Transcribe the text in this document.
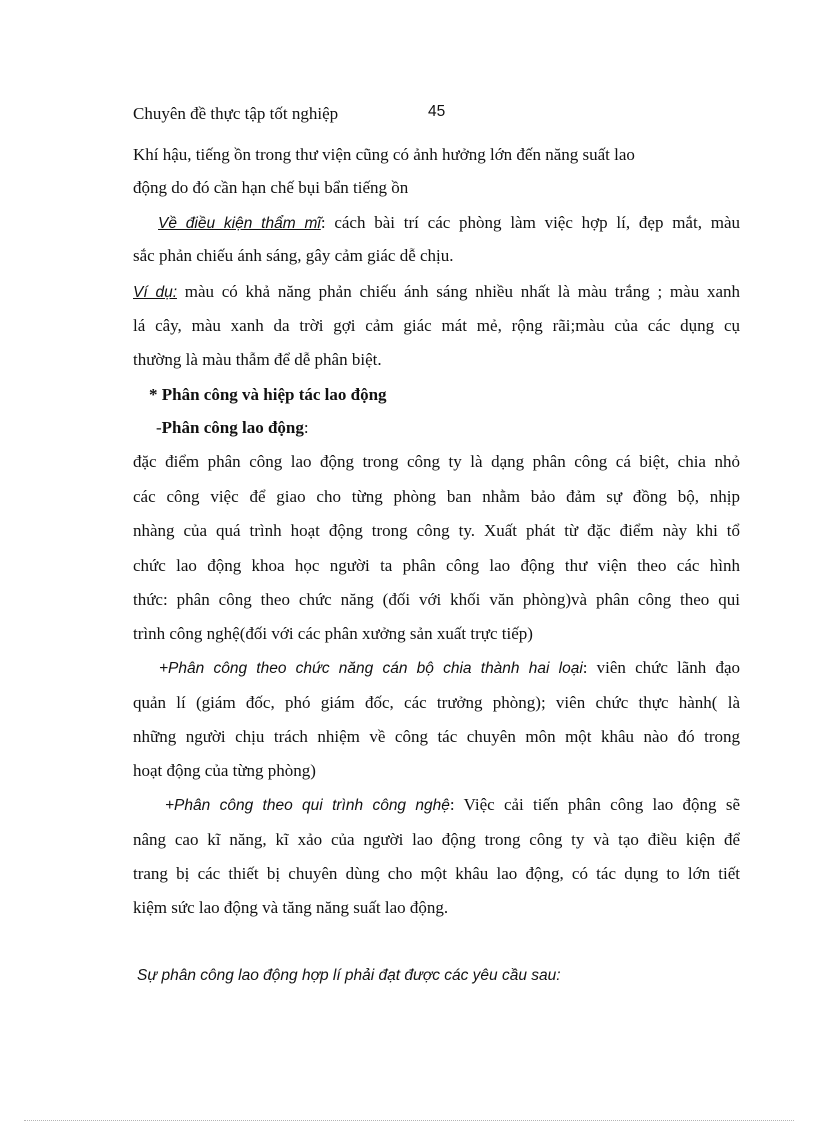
Chuyên đề thực tập tốt nghiệp	45
Khí hậu, tiếng ồn trong thư viện cũng có ảnh hưởng lớn đến năng suất lao
động do đó cần hạn chế bụi bẩn tiếng ồn
Về điều kiện thẩm mĩ: cách bài trí các phòng làm việc hợp lí, đẹp mắt, màu
sắc phản chiếu ánh sáng, gây cảm giác dễ chịu.
Ví dụ: màu có khả năng phản chiếu ánh sáng nhiều nhất là màu trắng ; màu xanh
lá cây, màu xanh da trời gợi cảm giác mát mẻ, rộng rãi;màu của các dụng cụ
thường là màu thẫm để dễ phân biệt.
* Phân công và hiệp tác lao động
-Phân công lao động:
đặc điểm phân công lao động trong công ty là dạng phân công cá biệt, chia nhỏ
các công việc để giao cho từng phòng ban nhằm bảo đảm sự đồng bộ, nhịp
nhàng của quá trình hoạt động trong công ty. Xuất phát từ đặc điểm này khi tổ
chức lao động khoa học người ta phân công lao động thư viện theo các hình
thức: phân công theo chức năng (đối với khối văn phòng)và phân công theo qui
trình công nghệ(đối với các phân xưởng sản xuất trực tiếp)
+Phân công theo chức năng cán bộ chia thành hai loại: viên chức lãnh đạo
quản lí (giám đốc, phó giám đốc, các trưởng phòng); viên chức thực hành( là
những người chịu trách nhiệm về công tác chuyên môn một khâu nào đó trong
hoạt động của từng phòng)
+Phân công theo qui trình công nghệ: Việc cải tiến phân công lao động sẽ
nâng cao kĩ năng, kĩ xảo của người lao động trong công ty và tạo điều kiện để
trang bị các thiết bị chuyên dùng cho một khâu lao động, có tác dụng to lớn tiết
kiệm sức lao động và tăng năng suất lao động.
Sự phân công lao động hợp lí phải đạt được các yêu cầu sau:
